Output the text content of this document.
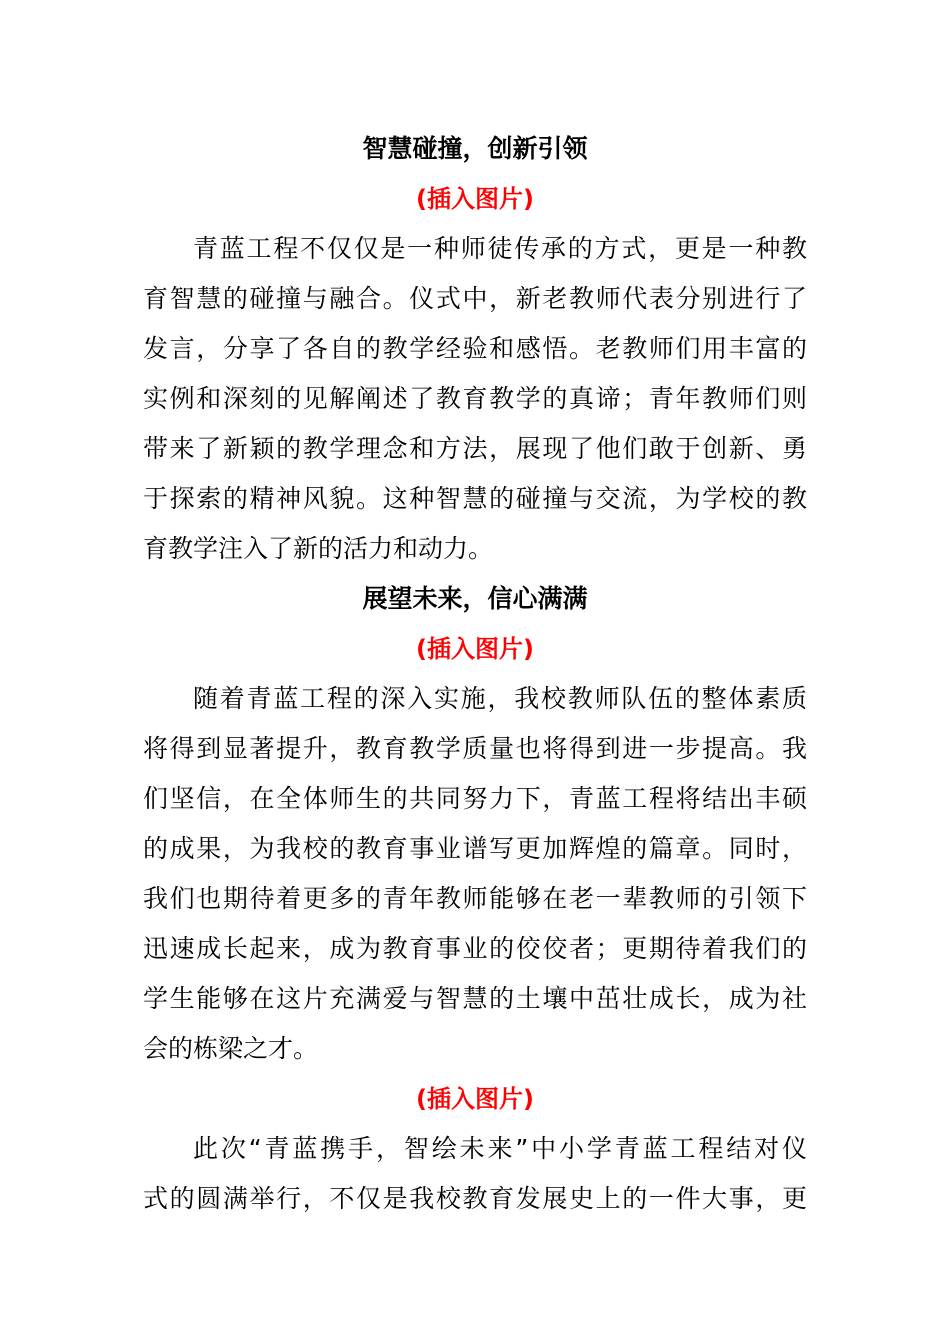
智慧碰撞，创新引领
(插入图片)
青蓝工程不仅仅是一种师徒传承的方式，更是一种教
育智慧的碰撞与融合。仪式中，新老教师代表分别进行了
发言，分享了各自的教学经验和感悟。老教师们用丰富的
实例和深刻的见解阐述了教育教学的真谛；青年教师们则
带来了新颖的教学理念和方法，展现了他们敢于创新、勇
于探索的精神风貌。这种智慧的碰撞与交流，为学校的教
育教学注入了新的活力和动力。
展望未来，信心满满
(插入图片)
随着青蓝工程的深入实施，我校教师队伍的整体素质
将得到显著提升，教育教学质量也将得到进一步提高。我
们坚信，在全体师生的共同努力下，青蓝工程将结出丰硕
的成果，为我校的教育事业谱写更加辉煌的篇章。同时，
我们也期待着更多的青年教师能够在老一辈教师的引领下
迅速成长起来，成为教育事业的佼佼者；更期待着我们的
学生能够在这片充满爱与智慧的土壤中茁壮成长，成为社
会的栋梁之才。
(插入图片)
此次“青蓝携手，智绘未来”中小学青蓝工程结对仪
式的圆满举行，不仅是我校教育发展史上的一件大事，更
